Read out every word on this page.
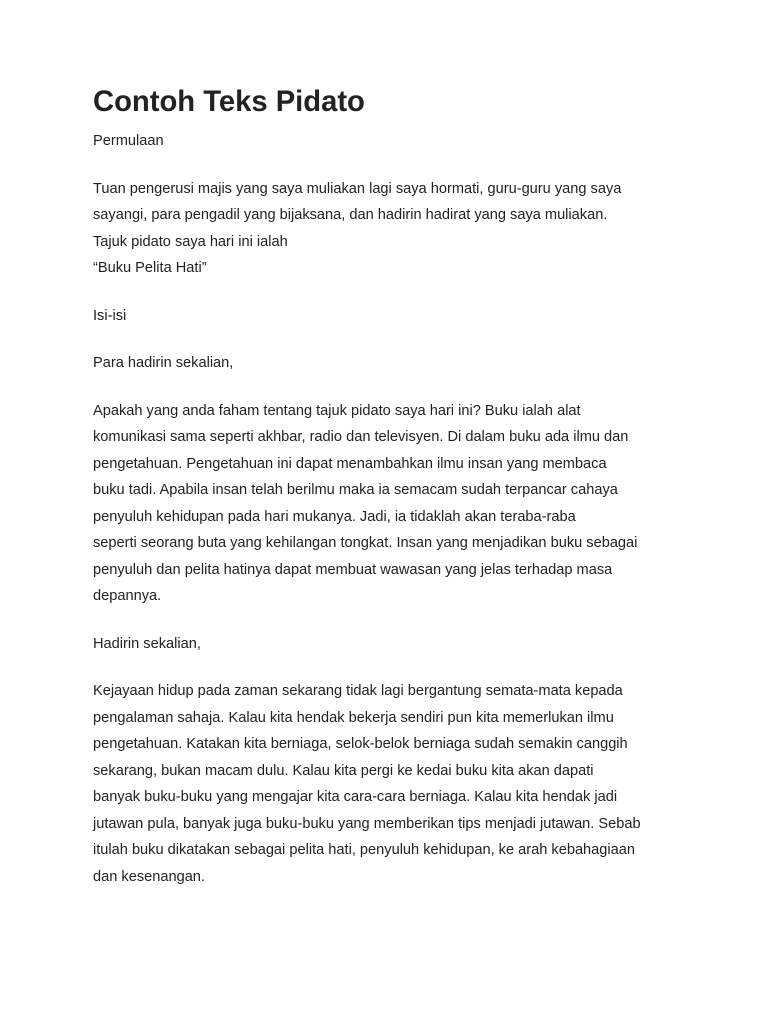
Contoh Teks Pidato

Permulaan

Tuan pengerusi majis yang saya muliakan lagi saya hormati, guru-guru yang saya
sayangi, para pengadil yang bijaksana, dan hadirin hadirat yang saya muliakan.
Tajuk pidato saya hari ini ialah
“Buku Pelita Hati”

Isi-isi

Para hadirin sekalian,

Apakah yang anda faham tentang tajuk pidato saya hari ini? Buku ialah alat
komunikasi sama seperti akhbar, radio dan televisyen. Di dalam buku ada ilmu dan
pengetahuan. Pengetahuan ini dapat menambahkan ilmu insan yang membaca
buku tadi. Apabila insan telah berilmu maka ia semacam sudah terpancar cahaya
penyuluh kehidupan pada hari mukanya. Jadi, ia tidaklah akan teraba-raba
seperti seorang buta yang kehilangan tongkat. Insan yang menjadikan buku sebagai
penyuluh dan pelita hatinya dapat membuat wawasan yang jelas terhadap masa
depannya.

Hadirin sekalian,

Kejayaan hidup pada zaman sekarang tidak lagi bergantung semata-mata kepada
pengalaman sahaja. Kalau kita hendak bekerja sendiri pun kita memerlukan ilmu
pengetahuan. Katakan kita berniaga, selok-belok berniaga sudah semakin canggih
sekarang, bukan macam dulu. Kalau kita pergi ke kedai buku kita akan dapati
banyak buku-buku yang mengajar kita cara-cara berniaga. Kalau kita hendak jadi
jutawan pula, banyak juga buku-buku yang memberikan tips menjadi jutawan. Sebab
itulah buku dikatakan sebagai pelita hati, penyuluh kehidupan, ke arah kebahagiaan
dan kesenangan.
